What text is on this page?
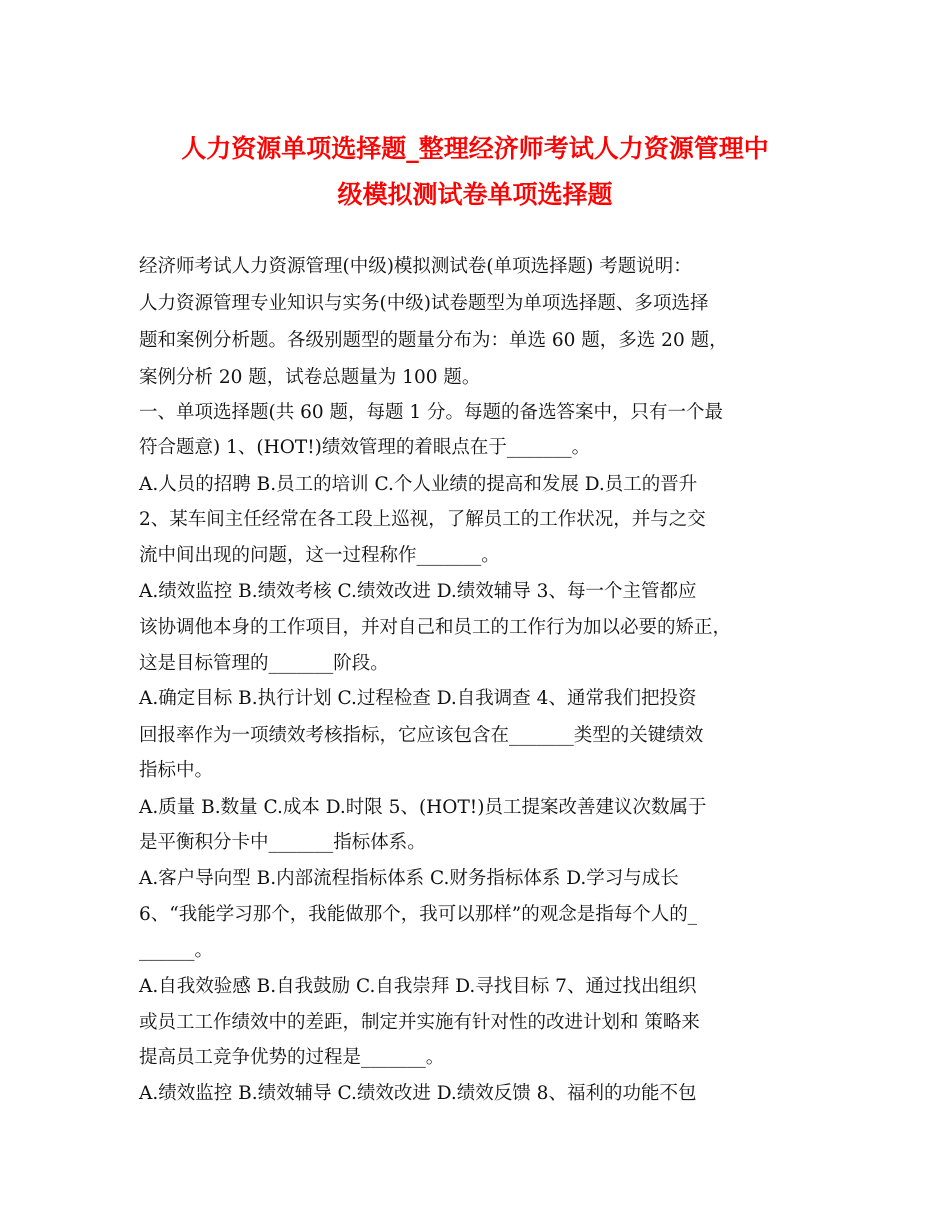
人力资源单项选择题_整理经济师考试人力资源管理中
级模拟测试卷单项选择题
经济师考试人力资源管理(中级)模拟测试卷(单项选择题) 考题说明：
人力资源管理专业知识与实务(中级)试卷题型为单项选择题、多项选择
题和案例分析题。各级别题型的题量分布为：单选 60 题，多选 20 题，
案例分析 20 题，试卷总题量为 100 题。
一、单项选择题(共 60 题，每题 1 分。每题的备选答案中，只有一个最
符合题意) 1、(HOT!)绩效管理的着眼点在于_______。
A.人员的招聘 B.员工的培训 C.个人业绩的提高和发展 D.员工的晋升
2、某车间主任经常在各工段上巡视，了解员工的工作状况，并与之交
流中间出现的问题，这一过程称作_______。
A.绩效监控 B.绩效考核 C.绩效改进 D.绩效辅导 3、每一个主管都应
该协调他本身的工作项目，并对自己和员工的工作行为加以必要的矫正，
这是目标管理的_______阶段。
A.确定目标 B.执行计划 C.过程检查 D.自我调查 4、通常我们把投资
回报率作为一项绩效考核指标，它应该包含在_______类型的关键绩效
指标中。
A.质量 B.数量 C.成本 D.时限 5、(HOT!)员工提案改善建议次数属于
是平衡积分卡中_______指标体系。
A.客户导向型 B.内部流程指标体系 C.财务指标体系 D.学习与成长
6、“我能学习那个，我能做那个，我可以那样”的观念是指每个人的_
______。
A.自我效验感 B.自我鼓励 C.自我崇拜 D.寻找目标 7、通过找出组织
或员工工作绩效中的差距，制定并实施有针对性的改进计划和 策略来
提高员工竞争优势的过程是_______。
A.绩效监控 B.绩效辅导 C.绩效改进 D.绩效反馈 8、福利的功能不包
